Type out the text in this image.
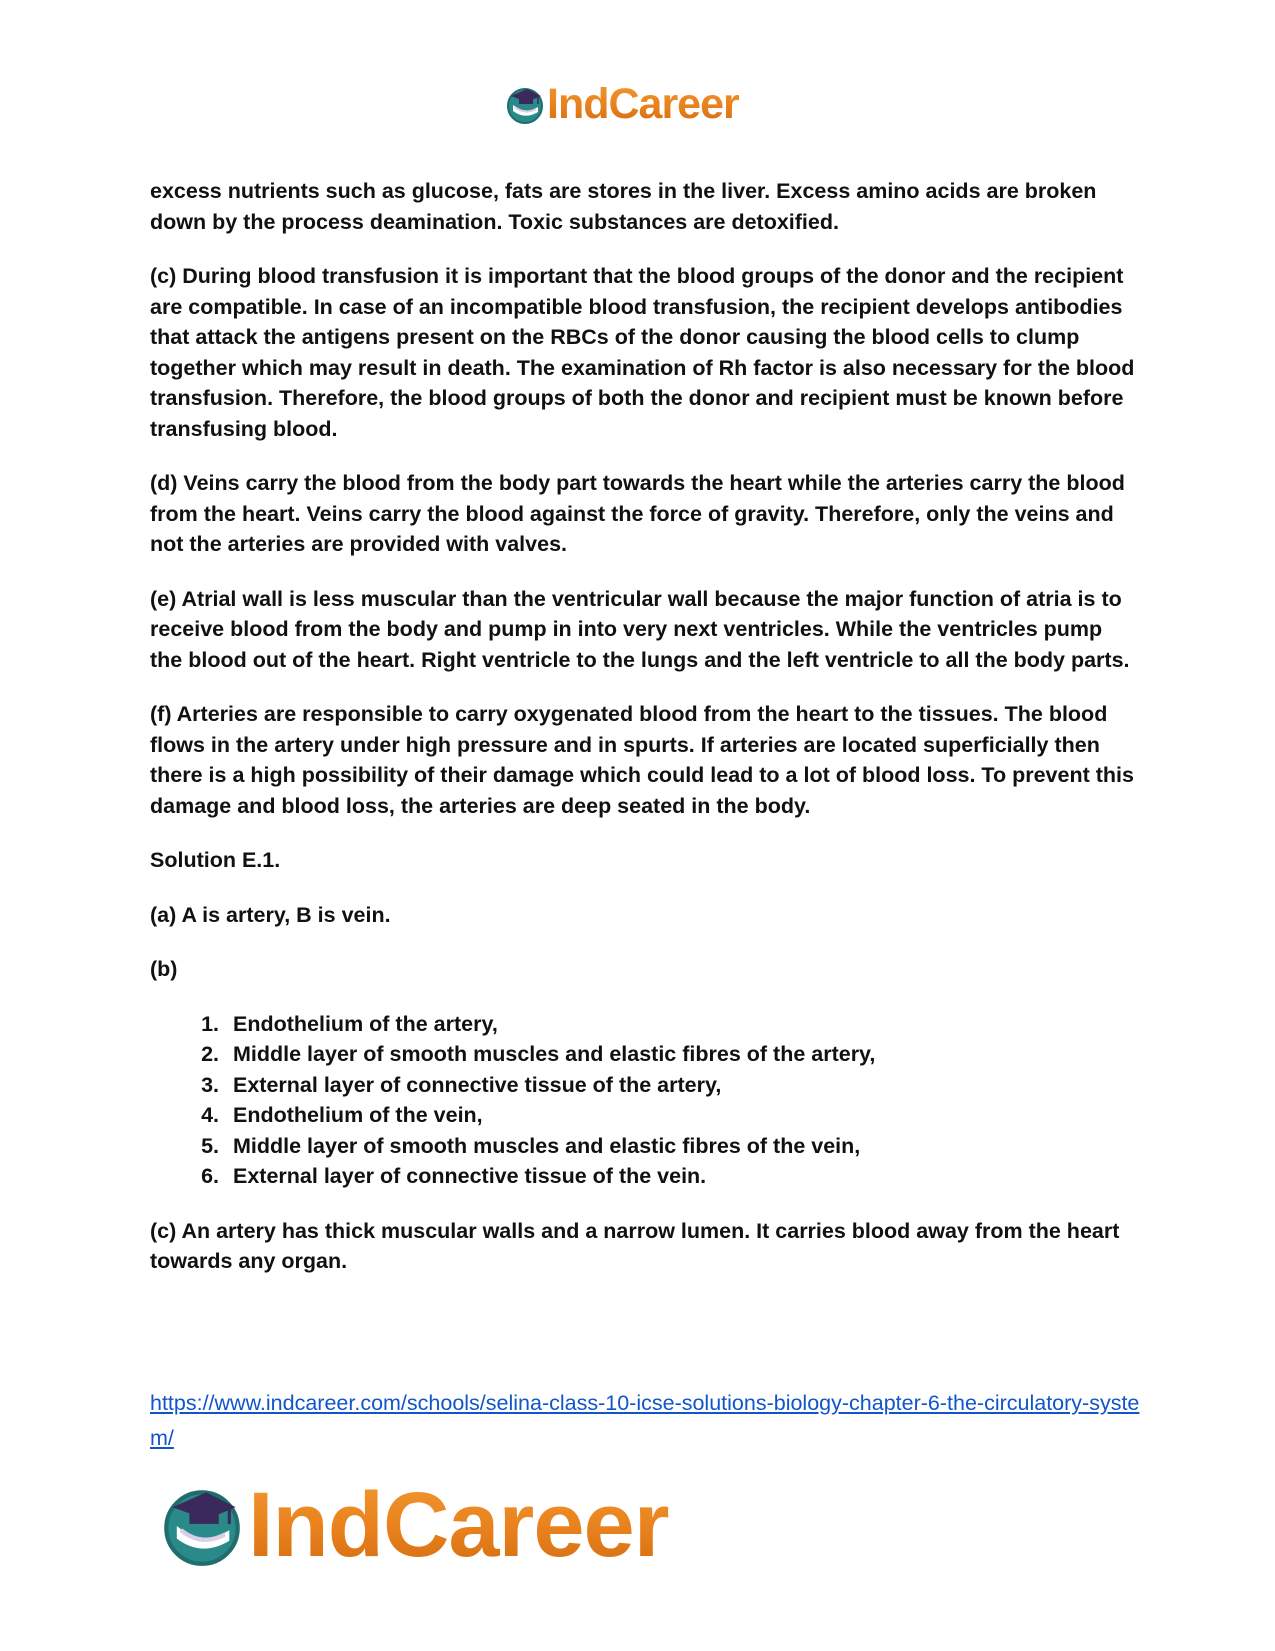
IndCareer

excess nutrients such as glucose, fats are stores in the liver. Excess amino acids are broken down by the process deamination. Toxic substances are detoxified.

(c) During blood transfusion it is important that the blood groups of the donor and the recipient are compatible. In case of an incompatible blood transfusion, the recipient develops antibodies that attack the antigens present on the RBCs of the donor causing the blood cells to clump together which may result in death. The examination of Rh factor is also necessary for the blood transfusion. Therefore, the blood groups of both the donor and recipient must be known before transfusing blood.

(d) Veins carry the blood from the body part towards the heart while the arteries carry the blood from the heart. Veins carry the blood against the force of gravity. Therefore, only the veins and not the arteries are provided with valves.

(e) Atrial wall is less muscular than the ventricular wall because the major function of atria is to receive blood from the body and pump in into very next ventricles. While the ventricles pump the blood out of the heart. Right ventricle to the lungs and the left ventricle to all the body parts.

(f) Arteries are responsible to carry oxygenated blood from the heart to the tissues. The blood flows in the artery under high pressure and in spurts. If arteries are located superficially then there is a high possibility of their damage which could lead to a lot of blood loss. To prevent this damage and blood loss, the arteries are deep seated in the body.

Solution E.1.

(a) A is artery, B is vein.

(b)

1. Endothelium of the artery,
2. Middle layer of smooth muscles and elastic fibres of the artery,
3. External layer of connective tissue of the artery,
4. Endothelium of the vein,
5. Middle layer of smooth muscles and elastic fibres of the vein,
6. External layer of connective tissue of the vein.

(c) An artery has thick muscular walls and a narrow lumen. It carries blood away from the heart towards any organ.

https://www.indcareer.com/schools/selina-class-10-icse-solutions-biology-chapter-6-the-circulatory-system/
IndCareer
